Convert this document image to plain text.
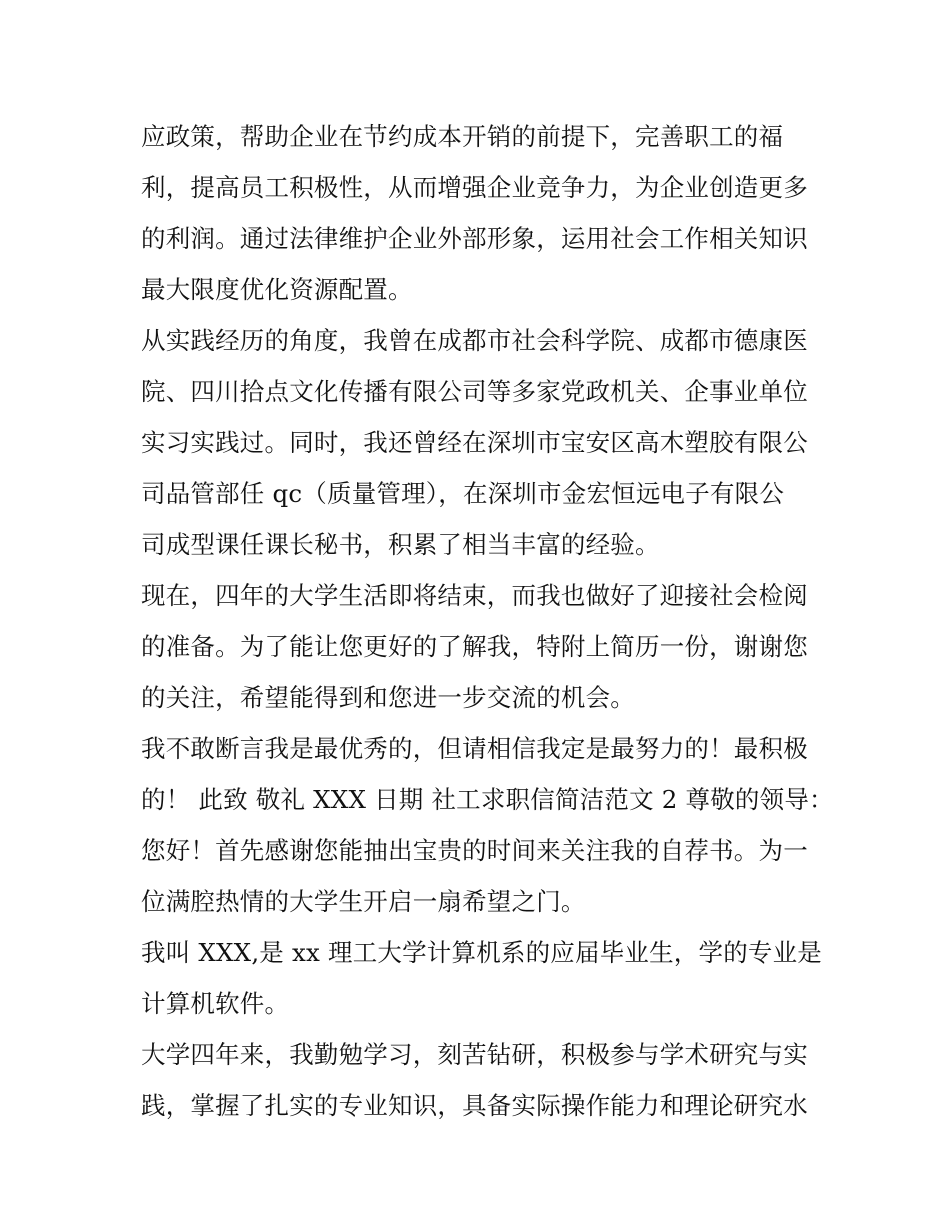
应政策，帮助企业在节约成本开销的前提下，完善职工的福
利，提高员工积极性，从而增强企业竞争力，为企业创造更多
的利润。通过法律维护企业外部形象，运用社会工作相关知识
最大限度优化资源配置。
从实践经历的角度，我曾在成都市社会科学院、成都市德康医
院、四川拾点文化传播有限公司等多家党政机关、企事业单位
实习实践过。同时，我还曾经在深圳市宝安区高木塑胶有限公
司品管部任 qc（质量管理），在深圳市金宏恒远电子有限公
司成型课任课长秘书，积累了相当丰富的经验。
现在，四年的大学生活即将结束，而我也做好了迎接社会检阅
的准备。为了能让您更好的了解我，特附上简历一份，谢谢您
的关注，希望能得到和您进一步交流的机会。
我不敢断言我是最优秀的，但请相信我定是最努力的！最积极
的！ 此致 敬礼 XXX 日期 社工求职信简洁范文 2 尊敬的领导：
您好！首先感谢您能抽出宝贵的时间来关注我的自荐书。为一
位满腔热情的大学生开启一扇希望之门。
我叫 XXX,是 xx 理工大学计算机系的应届毕业生，学的专业是
计算机软件。
大学四年来，我勤勉学习，刻苦钻研，积极参与学术研究与实
践，掌握了扎实的专业知识，具备实际操作能力和理论研究水
